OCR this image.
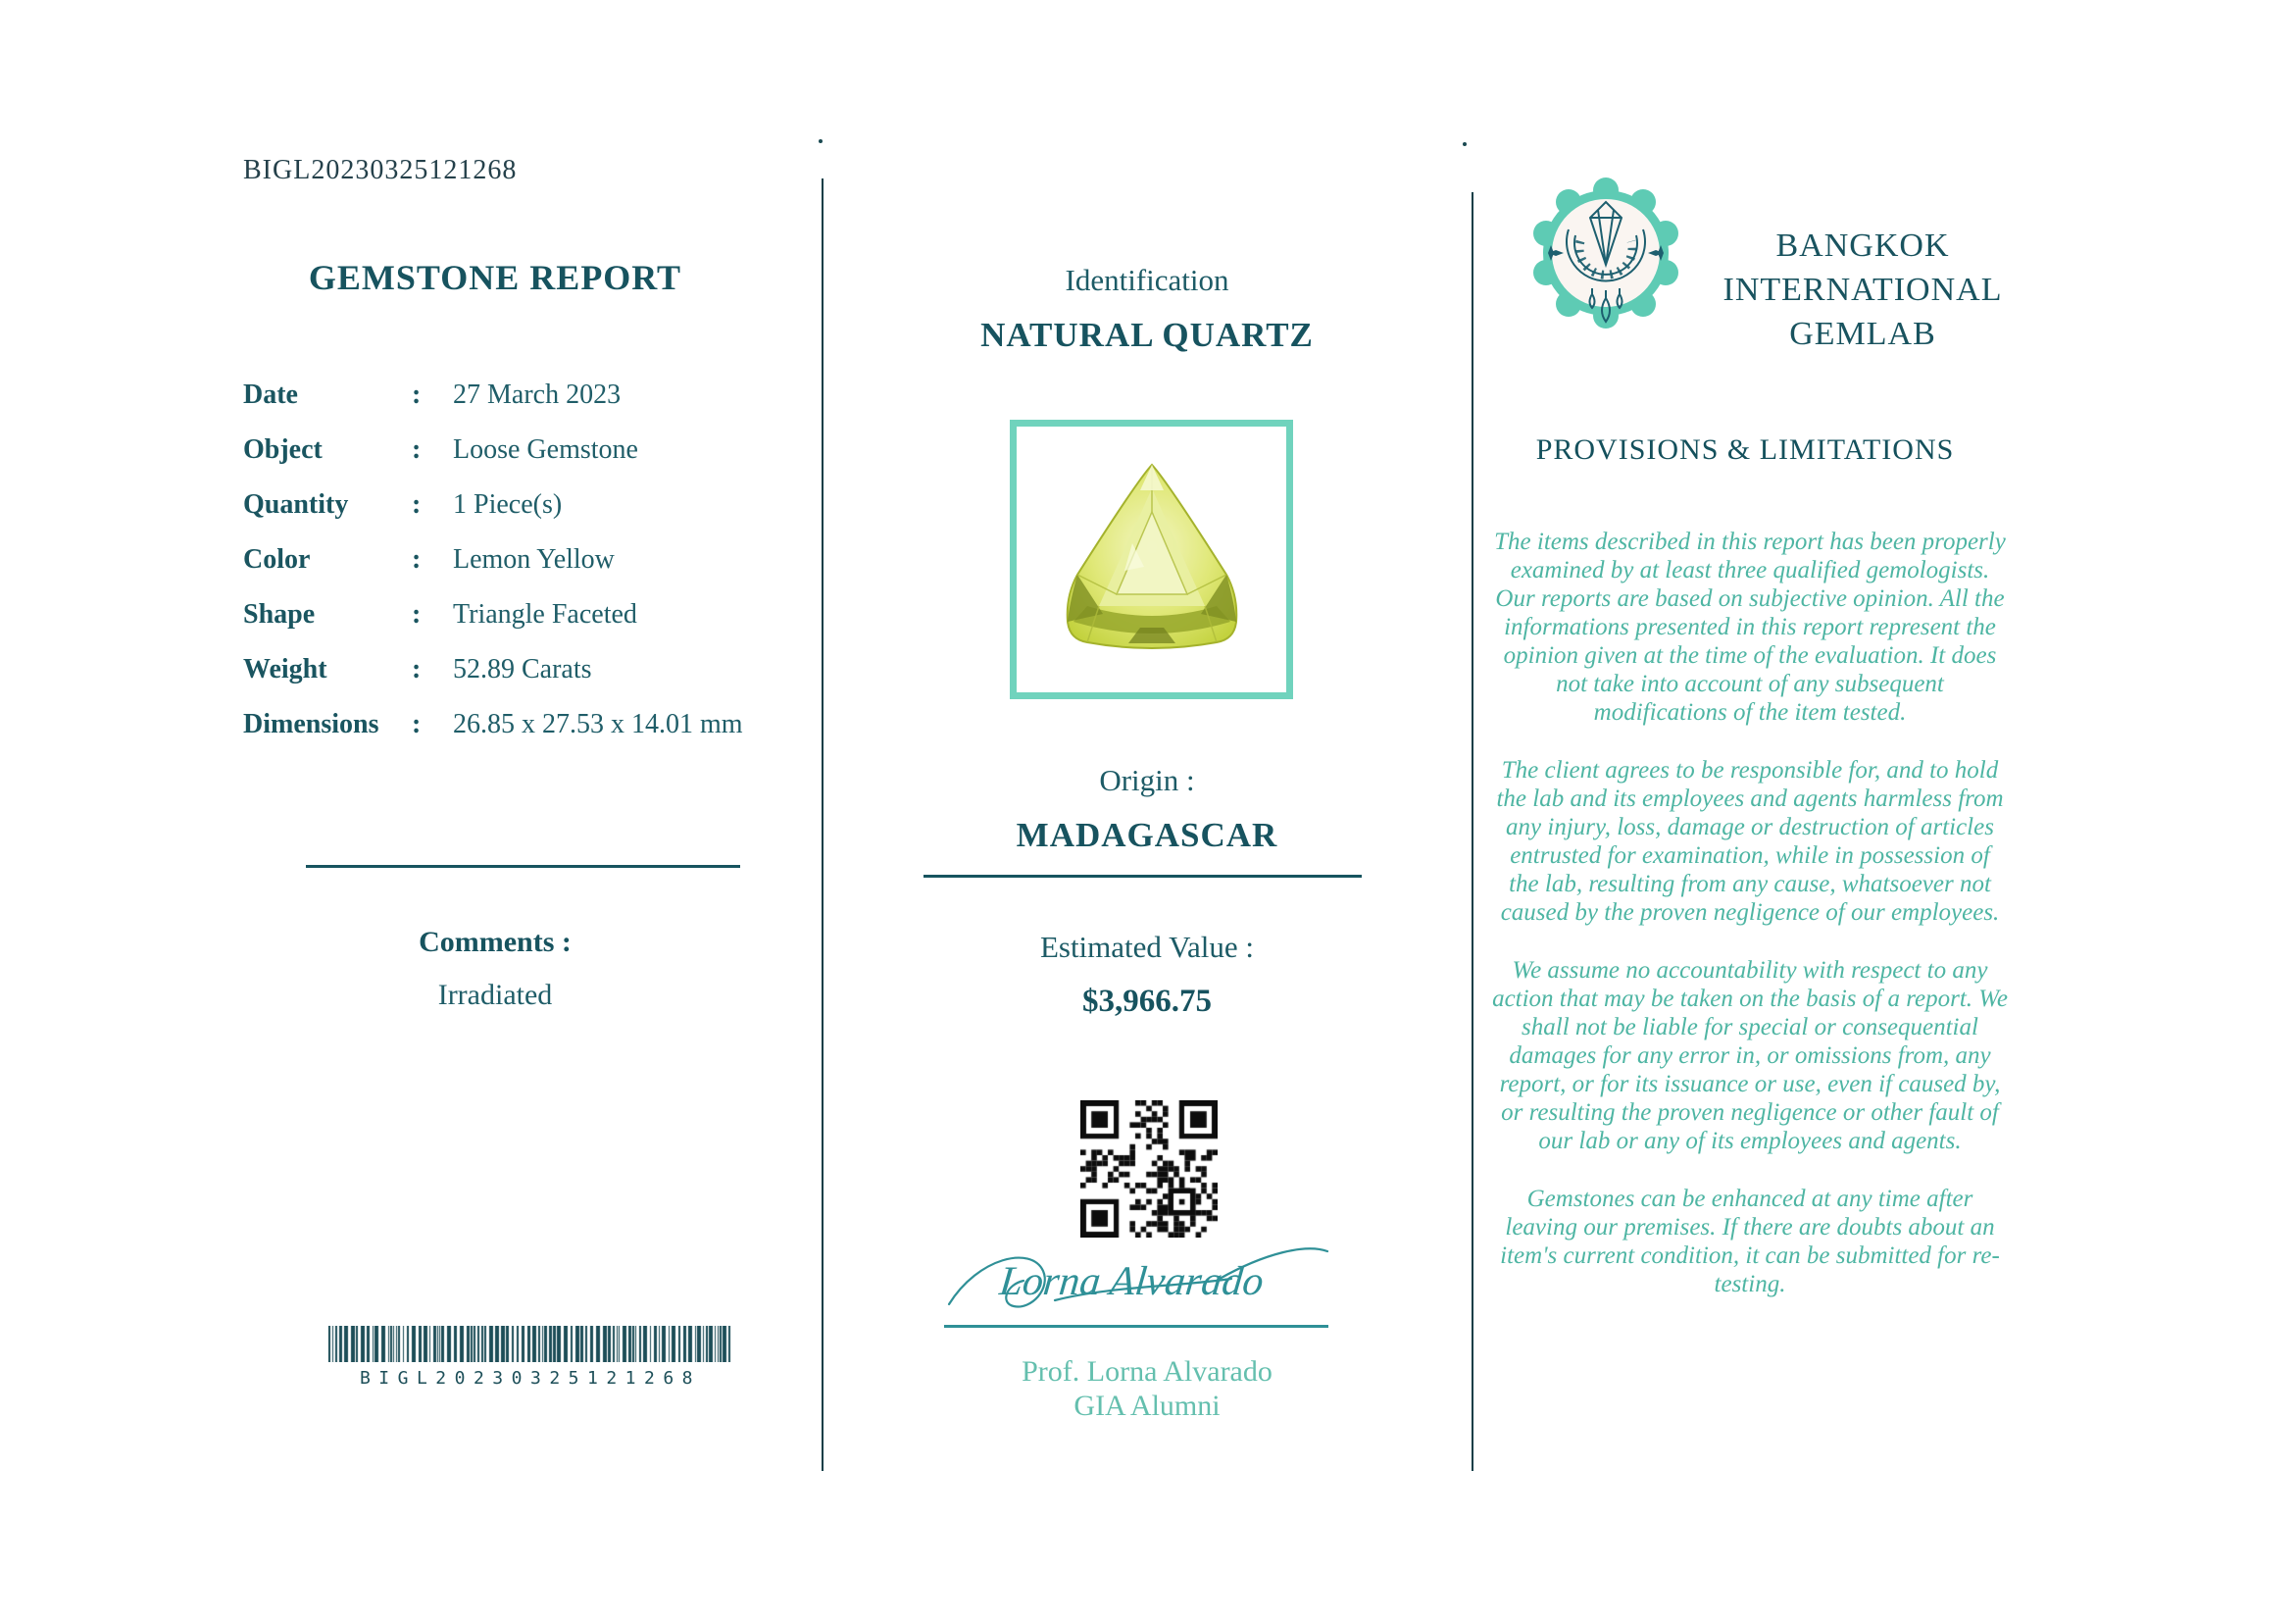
BIGL20230325121268
GEMSTONE REPORT
Date	:	27 March 2023
Object	:	Loose Gemstone
Quantity	:	1 Piece(s)
Color	:	Lemon Yellow
Shape	:	Triangle Faceted
Weight	:	52.89 Carats
Dimensions	:	26.85 x 27.53 x 14.01 mm
Comments :
Irradiated
BIGL20230325121268
Identification
NATURAL QUARTZ
Origin :
MADAGASCAR
Estimated Value :
$3,966.75
Lorna Alvarado
Prof. Lorna Alvarado
GIA Alumni
BANGKOK
INTERNATIONAL
GEMLAB
PROVISIONS & LIMITATIONS

The items described in this report has been properly examined by at least three qualified gemologists. Our reports are based on subjective opinion. All the informations presented in this report represent the opinion given at the time of the evaluation. It does not take into account of any subsequent modifications of the item tested.

The client agrees to be responsible for, and to hold the lab and its employees and agents harmless from any injury, loss, damage or destruction of articles entrusted for examination, while in possession of the lab, resulting from any cause, whatsoever not caused by the proven negligence of our employees.

We assume no accountability with respect to any action that may be taken on the basis of a report. We shall not be liable for special or consequential damages for any error in, or omissions from, any report, or for its issuance or use, even if caused by, or resulting the proven negligence or other fault of our lab or any of its employees and agents.

Gemstones can be enhanced at any time after leaving our premises. If there are doubts about an item's current condition, it can be submitted for re-testing.
